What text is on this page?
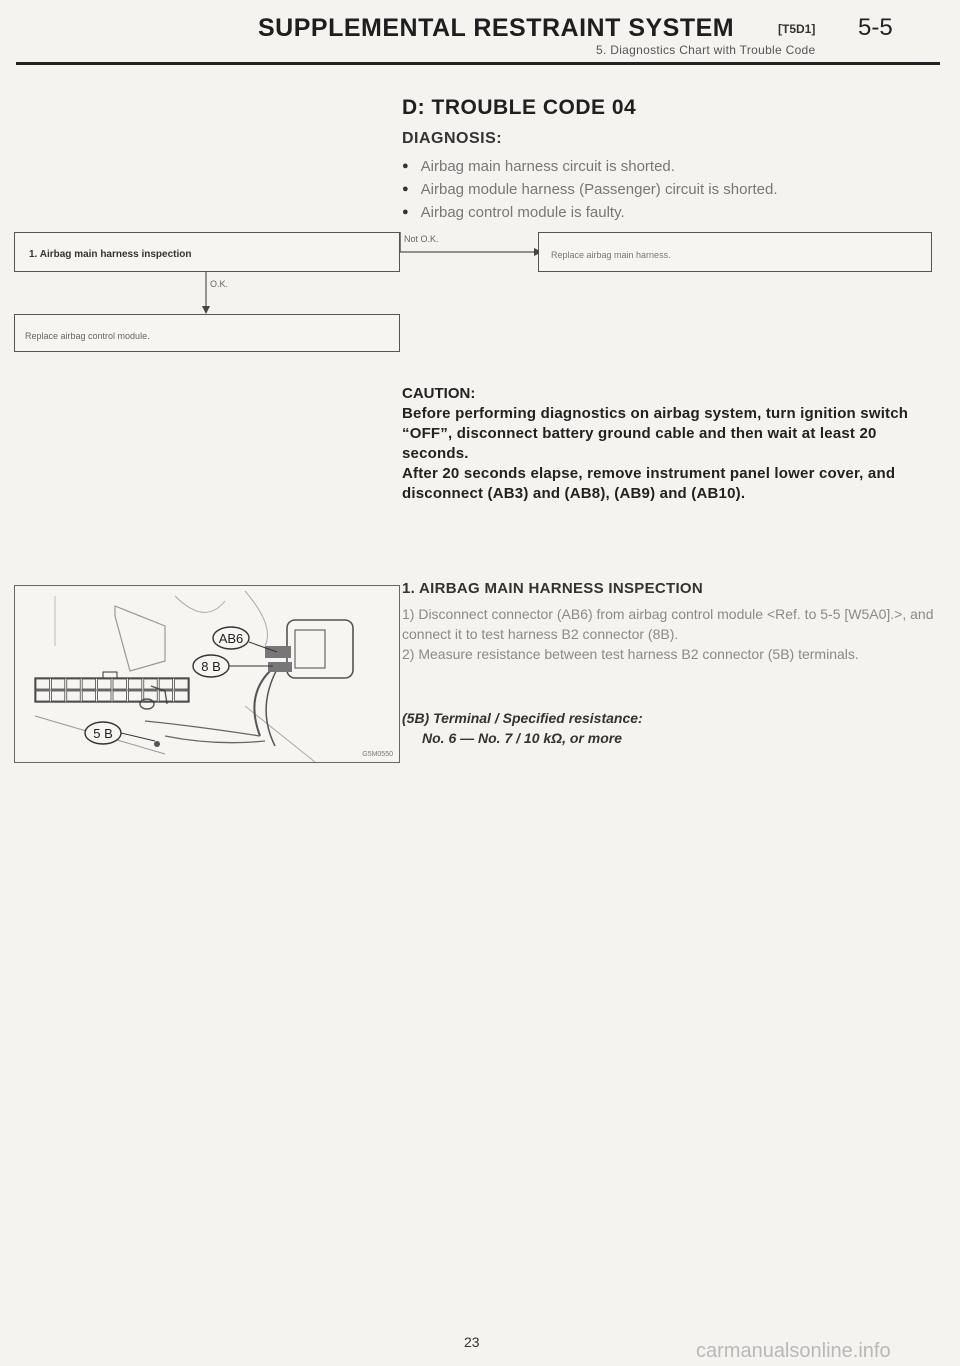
SUPPLEMENTAL RESTRAINT SYSTEM	[T5D1] 5-5
5. Diagnostics Chart with Trouble Code
D: TROUBLE CODE 04
DIAGNOSIS:
● Airbag main harness circuit is shorted.
● Airbag module harness (Passenger) circuit is shorted.
● Airbag control module is faulty.
1. Airbag main harness inspection
Not O.K.
Replace airbag main harness.
O.K.
Replace airbag control module.
CAUTION:

Before performing diagnostics on airbag system, turn ignition switch “OFF”, disconnect battery ground cable and then wait at least 20 seconds.

After 20 seconds elapse, remove instrument panel lower cover, and disconnect (AB3) and (AB8), (AB9) and (AB10).

AB6
8 B
5 B
G5M0550
1. AIRBAG MAIN HARNESS INSPECTION

1) Disconnect connector (AB6) from airbag control module <Ref. to 5-5 [W5A0].>, and connect it to test harness B2 connector (8B).

2) Measure resistance between test harness B2 connector (5B) terminals.

(5B) Terminal / Specified resistance:
No. 6 — No. 7 / 10 kΩ, or more
23	carmanualsonline.info
